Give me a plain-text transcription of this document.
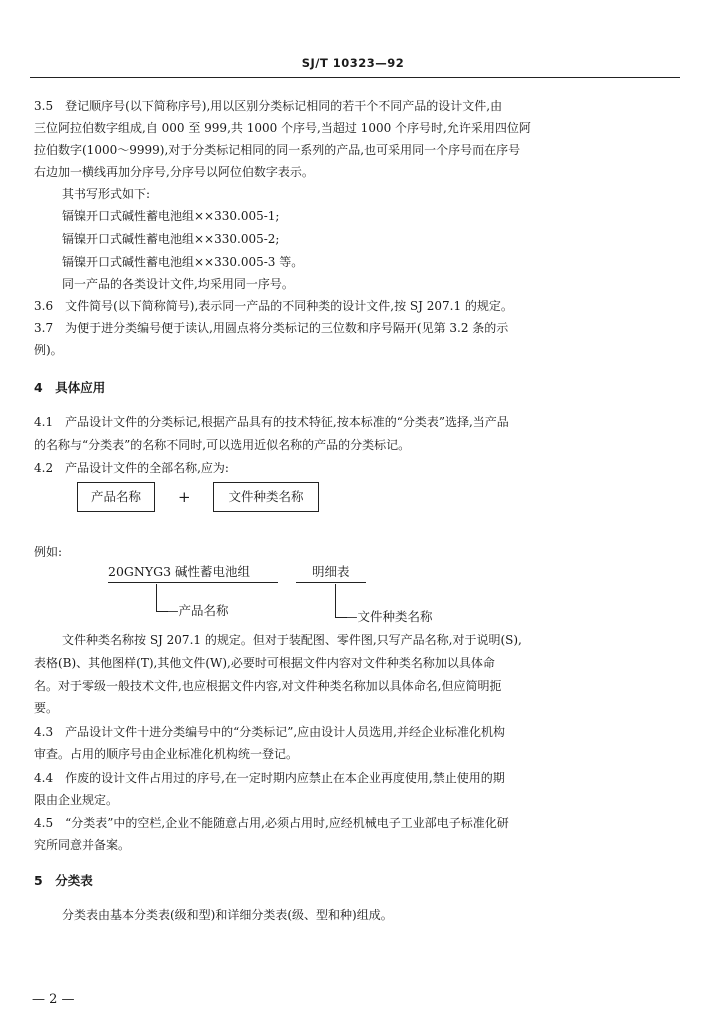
SJ/T 10323—92

3.5　登记顺序号(以下简称序号),用以区别分类标记相同的若干个不同产品的设计文件,由

三位阿拉伯数字组成,自 000 至 999,共 1000 个序号,当超过 1000 个序号时,允许采用四位阿

拉伯数字(1000～9999),对于分类标记相同的同一系列的产品,也可采用同一个序号而在序号

右边加一横线再加分序号,分序号以阿位伯数字表示。

其书写形式如下:

镉镍开口式碱性蓄电池组××330.005-1;

镉镍开口式碱性蓄电池组××330.005-2;

镉镍开口式碱性蓄电池组××330.005-3 等。

同一产品的各类设计文件,均采用同一序号。

3.6　文件简号(以下简称简号),表示同一产品的不同种类的设计文件,按 SJ 207.1 的规定。

3.7　为便于进分类编号便于读认,用圆点将分类标记的三位数和序号隔开(见第 3.2 条的示

例)。

4　具体应用

4.1　产品设计文件的分类标记,根据产品具有的技术特征,按本标准的“分类表”选择,当产品

的名称与“分类表”的名称不同时,可以选用近似名称的产品的分类标记。

4.2　产品设计文件的全部名称,应为:

产品名称	+	文件种类名称

例如:

20GNYG3 碱性蓄电池组	明细表
—产品名称	—文件种类名称

文件种类名称按 SJ 207.1 的规定。但对于装配图、零件图,只写产品名称,对于说明(S),

表格(B)、其他图样(T),其他文件(W),必要时可根据文件内容对文件种类名称加以具体命

名。对于零级一般技术文件,也应根据文件内容,对文件种类名称加以具体命名,但应简明扼

要。

4.3　产品设计文件十进分类编号中的“分类标记”,应由设计人员选用,并经企业标准化机构

审查。占用的顺序号由企业标准化机构统一登记。

4.4　作废的设计文件占用过的序号,在一定时期内应禁止在本企业再度使用,禁止使用的期

限由企业规定。

4.5　“分类表”中的空栏,企业不能随意占用,必须占用时,应经机械电子工业部电子标准化研

究所同意并备案。

5　分类表

分类表由基本分类表(级和型)和详细分类表(级、型和种)组成。

— 2 —
